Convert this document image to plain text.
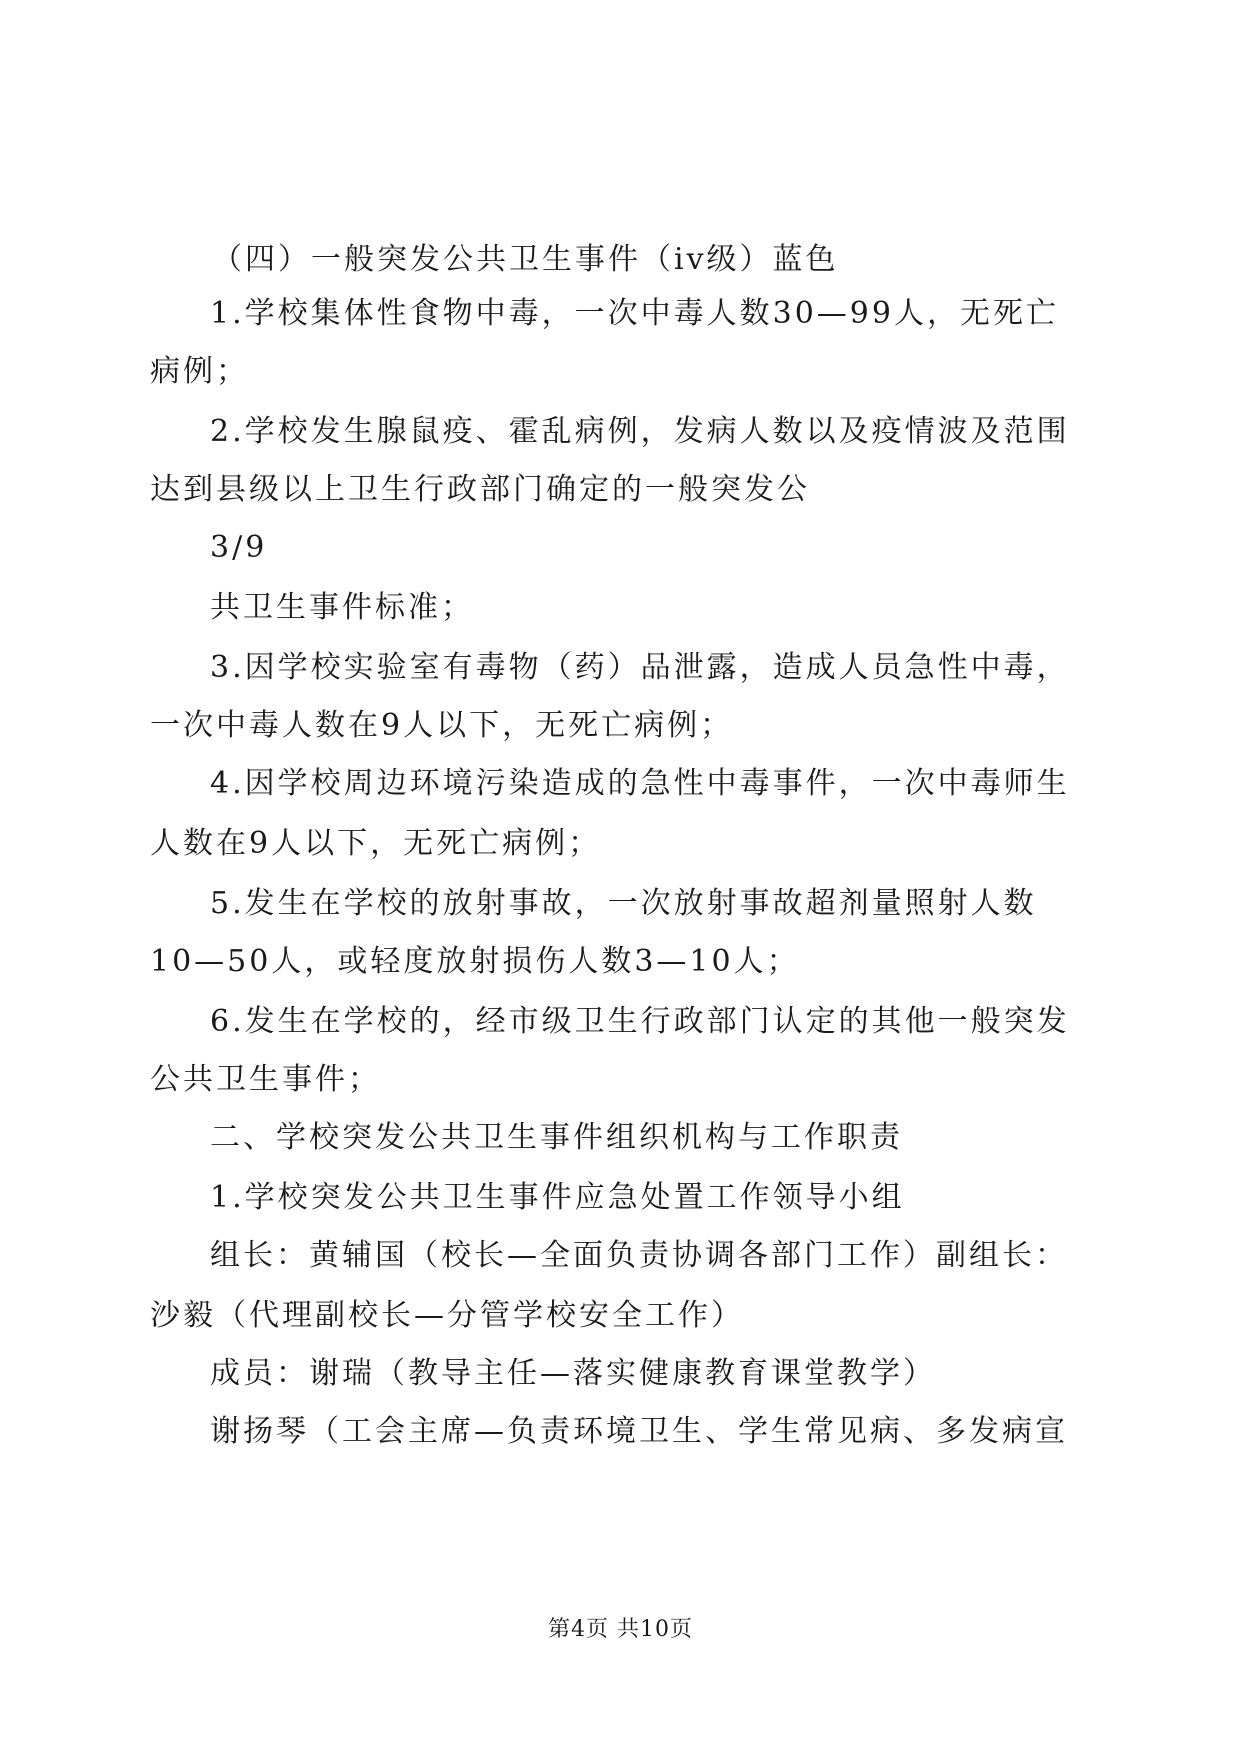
（四）一般突发公共卫生事件（iv级）蓝色
1.学校集体性食物中毒，一次中毒人数30—99人，无死亡
病例；
2.学校发生腺鼠疫、霍乱病例，发病人数以及疫情波及范围
达到县级以上卫生行政部门确定的一般突发公
3/9
共卫生事件标准；
3.因学校实验室有毒物（药）品泄露，造成人员急性中毒，
一次中毒人数在9人以下，无死亡病例；
4.因学校周边环境污染造成的急性中毒事件，一次中毒师生
人数在9人以下，无死亡病例；
5.发生在学校的放射事故，一次放射事故超剂量照射人数
10—50人，或轻度放射损伤人数3—10人；
6.发生在学校的，经市级卫生行政部门认定的其他一般突发
公共卫生事件；
二、学校突发公共卫生事件组织机构与工作职责
1.学校突发公共卫生事件应急处置工作领导小组
组长：黄辅国（校长—全面负责协调各部门工作）副组长：
沙毅（代理副校长—分管学校安全工作）
成员：谢瑞（教导主任—落实健康教育课堂教学）
谢扬琴（工会主席—负责环境卫生、学生常见病、多发病宣
第4页 共10页
